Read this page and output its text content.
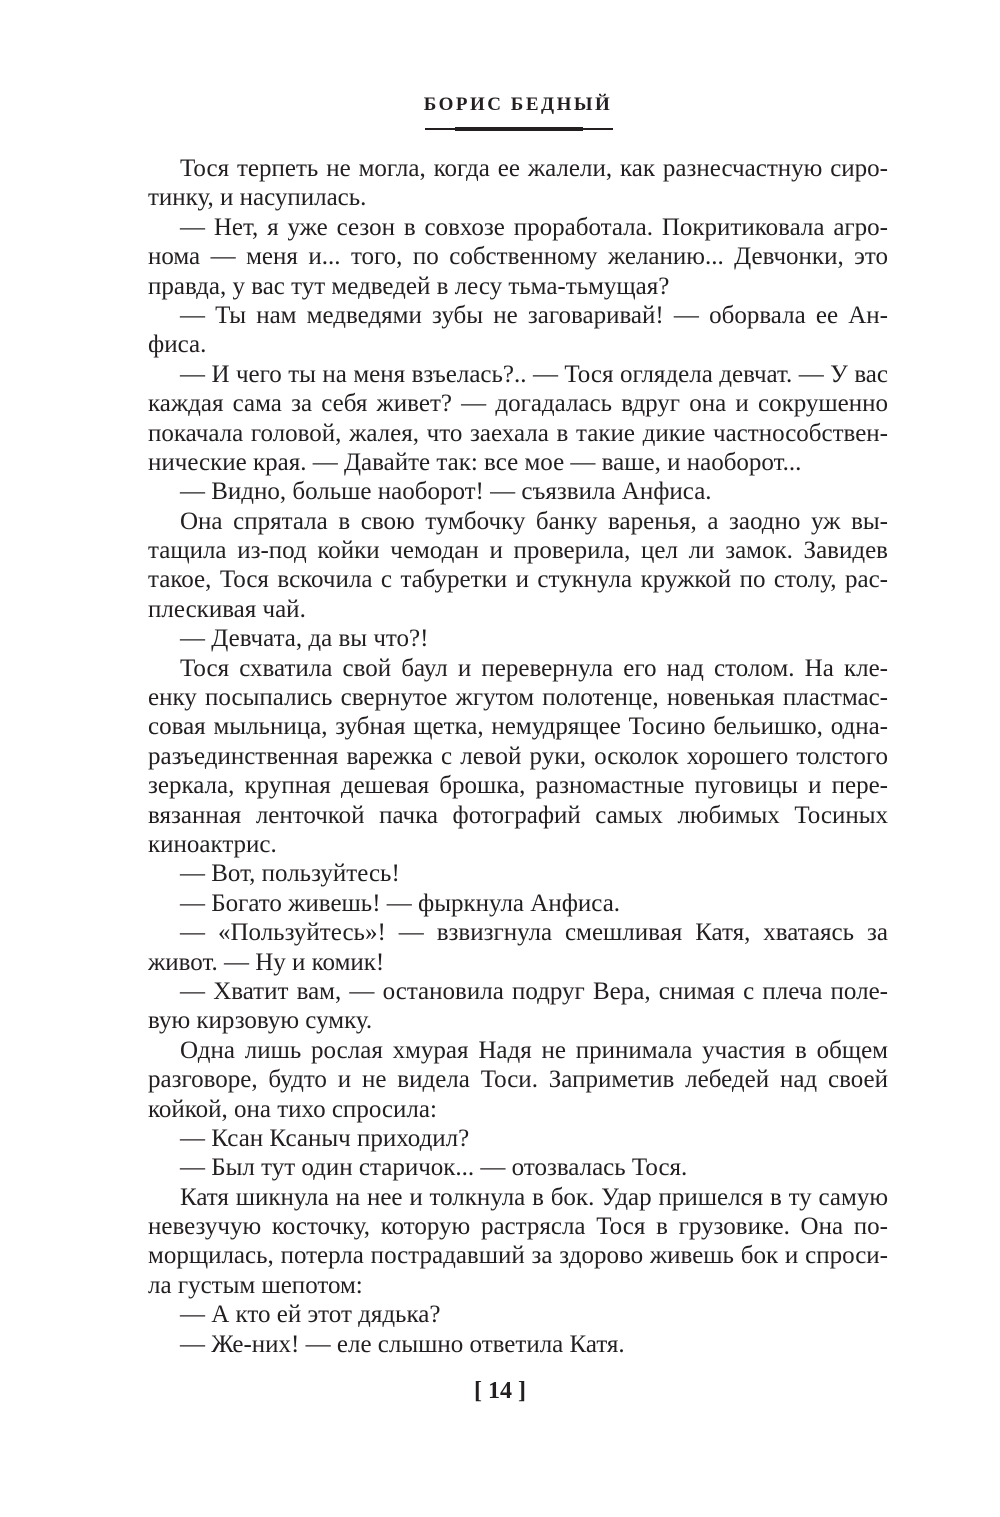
БОРИС БЕДНЫЙ
Тося терпеть не могла, когда ее жалели, как разнесчастную сиро-
тинку, и насупилась.
— Нет, я уже сезон в совхозе проработала. Покритиковала агро-
нома — меня и... того, по собственному желанию... Девчонки, это
правда, у вас тут медведей в лесу тьма-тьмущая?
— Ты нам медведями зубы не заговаривай! — оборвала ее Ан-
фиса.
— И чего ты на меня взъелась?.. — Тося оглядела девчат. — У вас
каждая сама за себя живет? — догадалась вдруг она и сокрушенно
покачала головой, жалея, что заехала в такие дикие частнособствен-
нические края. — Давайте так: все мое — ваше, и наоборот...
— Видно, больше наоборот! — съязвила Анфиса.
Она спрятала в свою тумбочку банку варенья, а заодно уж вы-
тащила из-под койки чемодан и проверила, цел ли замок. Завидев
такое, Тося вскочила с табуретки и стукнула кружкой по столу, рас-
плескивая чай.
— Девчата, да вы что?!
Тося схватила свой баул и перевернула его над столом. На кле-
енку посыпались свернутое жгутом полотенце, новенькая пластмас-
совая мыльница, зубная щетка, немудрящее Тосино бельишко, одна-
разъединственная варежка с левой руки, осколок хорошего толстого
зеркала, крупная дешевая брошка, разномастные пуговицы и пере-
вязанная ленточкой пачка фотографий самых любимых Тосиных
киноактрис.
— Вот, пользуйтесь!
— Богато живешь! — фыркнула Анфиса.
— «Пользуйтесь»! — взвизгнула смешливая Катя, хватаясь за
живот. — Ну и комик!
— Хватит вам, — остановила подруг Вера, снимая с плеча поле-
вую кирзовую сумку.
Одна лишь рослая хмурая Надя не принимала участия в общем
разговоре, будто и не видела Тоси. Заприметив лебедей над своей
койкой, она тихо спросила:
— Ксан Ксаныч приходил?
— Был тут один старичок... — отозвалась Тося.
Катя шикнула на нее и толкнула в бок. Удар пришелся в ту самую
невезучую косточку, которую растрясла Тося в грузовике. Она по-
морщилась, потерла пострадавший за здорово живешь бок и спроси-
ла густым шепотом:
— А кто ей этот дядька?
— Же-них! — еле слышно ответила Катя.
[ 14 ]
